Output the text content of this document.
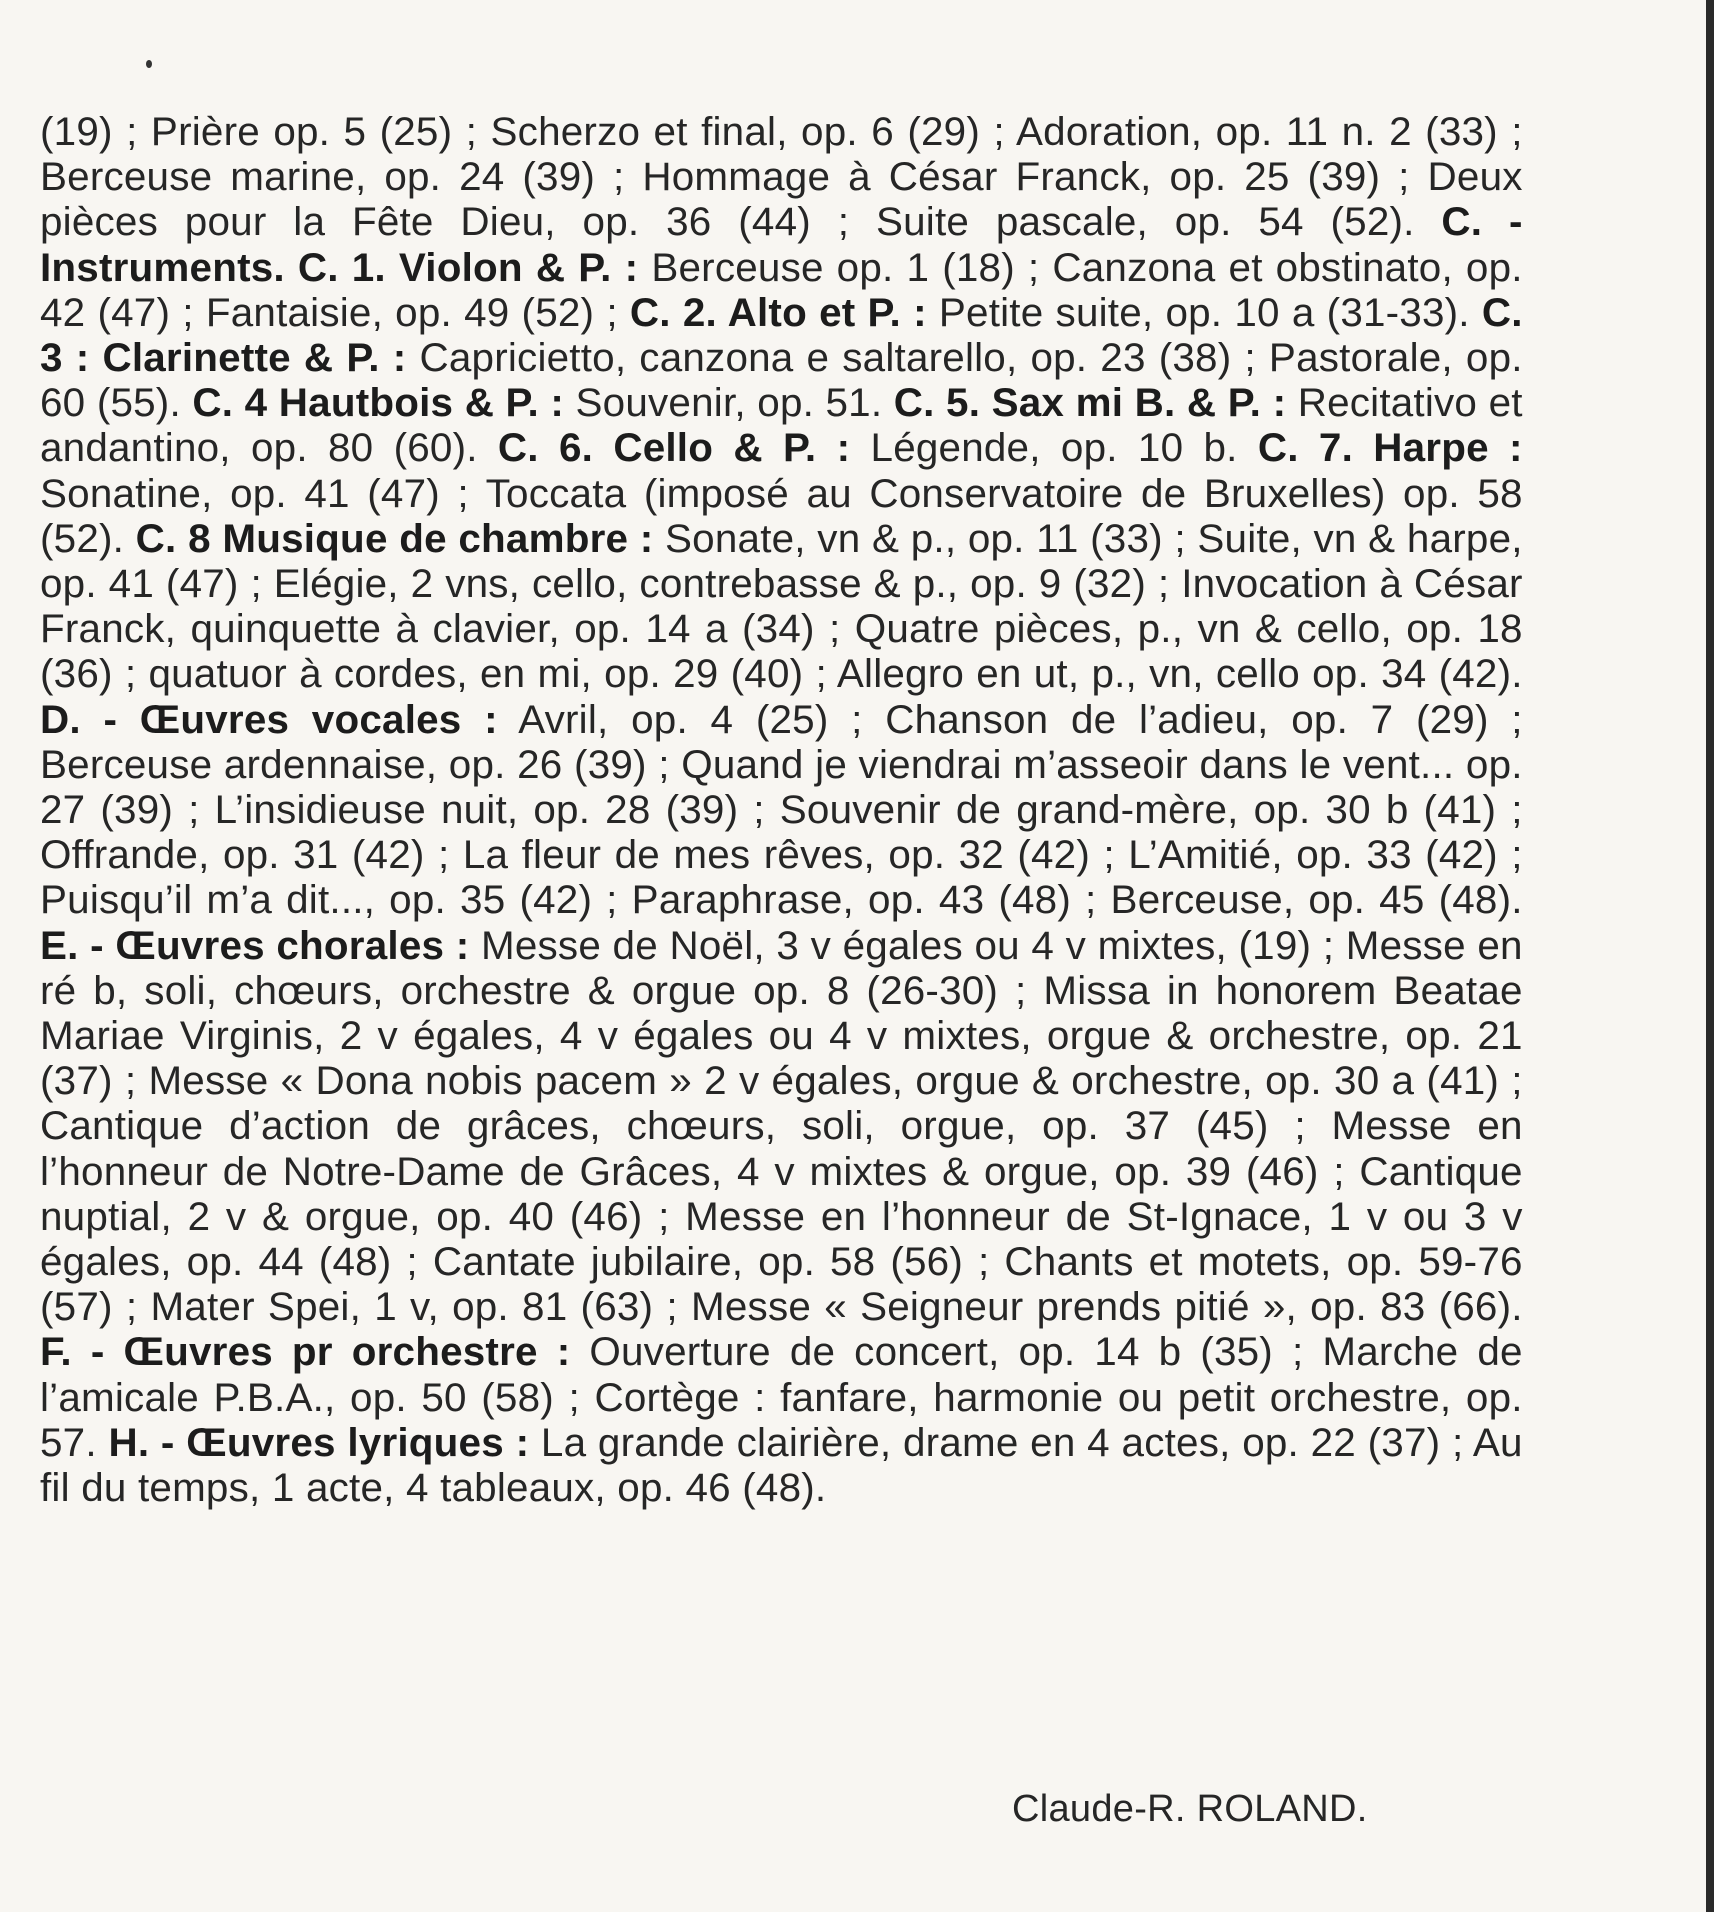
(19) ; Prière op. 5 (25) ; Scherzo et final, op. 6 (29) ; Adoration, op. 11 n. 2 (33) ; Berceuse marine, op. 24 (39) ; Hommage à César Franck, op. 25 (39) ; Deux pièces pour la Fête Dieu, op. 36 (44) ; Suite pascale, op. 54 (52). C. - Instruments. C. 1. Violon & P. : Berceuse op. 1 (18) ; Canzona et obstinato, op. 42 (47) ; Fantaisie, op. 49 (52) ; C. 2. Alto et P. : Petite suite, op. 10 a (31-33). C. 3 : Clarinette & P. : Capricietto, canzona e saltarello, op. 23 (38) ; Pastorale, op. 60 (55). C. 4 Hautbois & P. : Souvenir, op. 51. C. 5. Sax mi B. & P. : Recitativo et andantino, op. 80 (60). C. 6. Cello & P. : Légende, op. 10 b. C. 7. Harpe : Sonatine, op. 41 (47) ; Toccata (imposé au Conservatoire de Bruxelles) op. 58 (52). C. 8 Musique de chambre : Sonate, vn & p., op. 11 (33) ; Suite, vn & harpe, op. 41 (47) ; Elégie, 2 vns, cello, contrebasse & p., op. 9 (32) ; Invocation à César Franck, quinquette à clavier, op. 14 a (34) ; Quatre pièces, p., vn & cello, op. 18 (36) ; quatuor à cordes, en mi, op. 29 (40) ; Allegro en ut, p., vn, cello op. 34 (42). D. - Œuvres vocales : Avril, op. 4 (25) ; Chanson de l’adieu, op. 7 (29) ; Berceuse ardennaise, op. 26 (39) ; Quand je viendrai m’asseoir dans le vent... op. 27 (39) ; L’insidieuse nuit, op. 28 (39) ; Souvenir de grand-mère, op. 30 b (41) ; Offrande, op. 31 (42) ; La fleur de mes rêves, op. 32 (42) ; L’Amitié, op. 33 (42) ; Puisqu’il m’a dit..., op. 35 (42) ; Paraphrase, op. 43 (48) ; Berceuse, op. 45 (48). E. - Œuvres chorales : Messe de Noël, 3 v égales ou 4 v mixtes, (19) ; Messe en ré b, soli, chœurs, orchestre & orgue op. 8 (26-30) ; Missa in honorem Beatae Mariae Virginis, 2 v égales, 4 v égales ou 4 v mixtes, orgue & orchestre, op. 21 (37) ; Messe « Dona nobis pacem » 2 v égales, orgue & orchestre, op. 30 a (41) ; Cantique d’action de grâces, chœurs, soli, orgue, op. 37 (45) ; Messe en l’honneur de Notre-Dame de Grâces, 4 v mixtes & orgue, op. 39 (46) ; Cantique nuptial, 2 v & orgue, op. 40 (46) ; Messe en l’honneur de St-Ignace, 1 v ou 3 v égales, op. 44 (48) ; Cantate jubilaire, op. 58 (56) ; Chants et motets, op. 59-76 (57) ; Mater Spei, 1 v, op. 81 (63) ; Messe « Seigneur prends pitié », op. 83 (66). F. - Œuvres pr orchestre : Ouverture de concert, op. 14 b (35) ; Marche de l’amicale P.B.A., op. 50 (58) ; Cortège : fanfare, harmonie ou petit orchestre, op. 57. H. - Œuvres lyriques : La grande clairière, drame en 4 actes, op. 22 (37) ; Au fil du temps, 1 acte, 4 tableaux, op. 46 (48).

Claude-R. ROLAND.
